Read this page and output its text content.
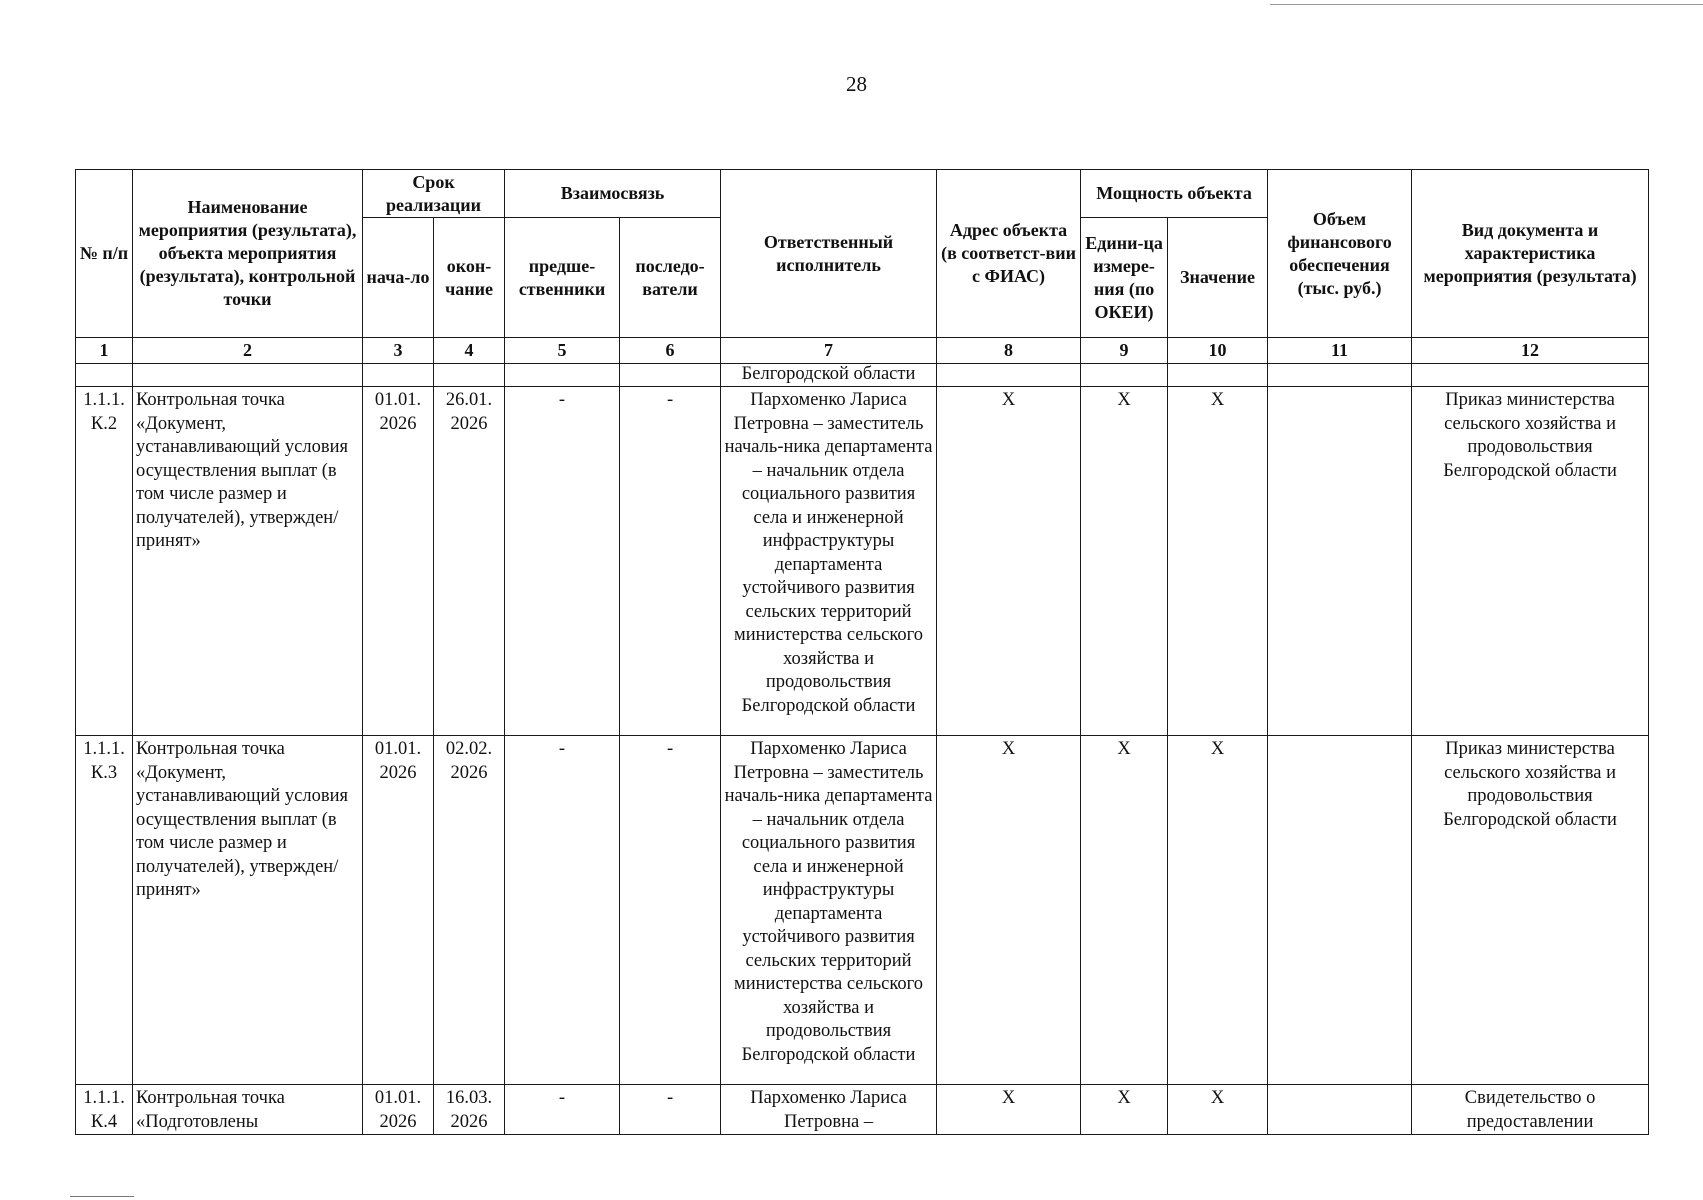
28
№ п/п	Наименование мероприятия (результата), объекта мероприятия (результата), контрольной точки	Срок реализации		Взаимосвязь		Ответственный исполнитель	Адрес объекта (в соответст-вии с ФИАС)	Мощность объекта		Объем финансового обеспечения (тыс. руб.)	Вид документа и характеристика мероприятия (результата)
		нача-ло	окон-чание	предше-ственники	последо-ватели			Едини-ца измере-ния (по ОКЕИ)	Значение		
1	2	3	4	5	6	7	8	9	10	11	12
						Белгородской области					
1.1.1. К.2	Контрольная точка «Документ, устанавливающий условия осуществления выплат (в том числе размер и получателей), утвержден/принят»	01.01. 2026	26.01. 2026	-	-	Пархоменко Лариса Петровна – заместитель началь-ника департамента – начальник отдела социального развития села и инженерной инфраструктуры департамента устойчивого развития сельских территорий министерства сельского хозяйства и продовольствия Белгородской области	X	X	X		Приказ министерства сельского хозяйства и продовольствия Белгородской области
1.1.1. К.3	Контрольная точка «Документ, устанавливающий условия осуществления выплат (в том числе размер и получателей), утвержден/принят»	01.01. 2026	02.02. 2026	-	-	Пархоменко Лариса Петровна – заместитель началь-ника департамента – начальник отдела социального развития села и инженерной инфраструктуры департамента устойчивого развития сельских территорий министерства сельского хозяйства и продовольствия Белгородской области	X	X	X		Приказ министерства сельского хозяйства и продовольствия Белгородской области
1.1.1. К.4	Контрольная точка «Подготовлены	01.01. 2026	16.03. 2026	-	-	Пархоменко Лариса Петровна –	X	X	X		Свидетельство о предоставлении
